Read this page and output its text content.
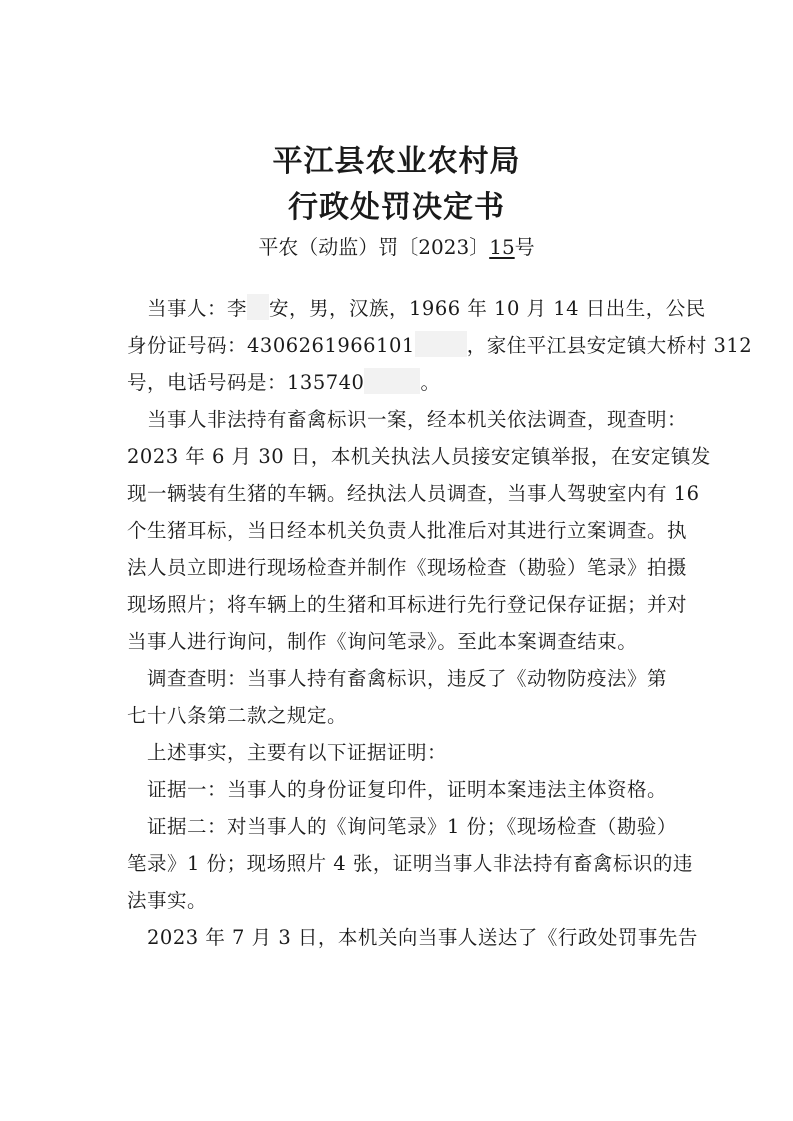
平江县农业农村局
行政处罚决定书
平农（动监）罚〔2023〕15号
当事人：李 安，男，汉族，1966 年 10 月 14 日出生，公民
身份证号码：4306261966101	，家住平江县安定镇大桥村 312
号，电话号码是：135740	。
当事人非法持有畜禽标识一案，经本机关依法调查，现查明：
2023 年 6 月 30 日，本机关执法人员接安定镇举报，在安定镇发
现一辆装有生猪的车辆。经执法人员调查，当事人驾驶室内有 16
个生猪耳标，当日经本机关负责人批准后对其进行立案调查。执
法人员立即进行现场检查并制作《现场检查（勘验）笔录》拍摄
现场照片；将车辆上的生猪和耳标进行先行登记保存证据；并对
当事人进行询问，制作《询问笔录》。至此本案调查结束。
调查查明：当事人持有畜禽标识，违反了《动物防疫法》第
七十八条第二款之规定。
上述事实，主要有以下证据证明：
证据一：当事人的身份证复印件，证明本案违法主体资格。
证据二：对当事人的《询问笔录》1 份；《现场检查（勘验）
笔录》1 份；现场照片 4 张，证明当事人非法持有畜禽标识的违
法事实。
2023 年 7 月 3 日，本机关向当事人送达了《行政处罚事先告
